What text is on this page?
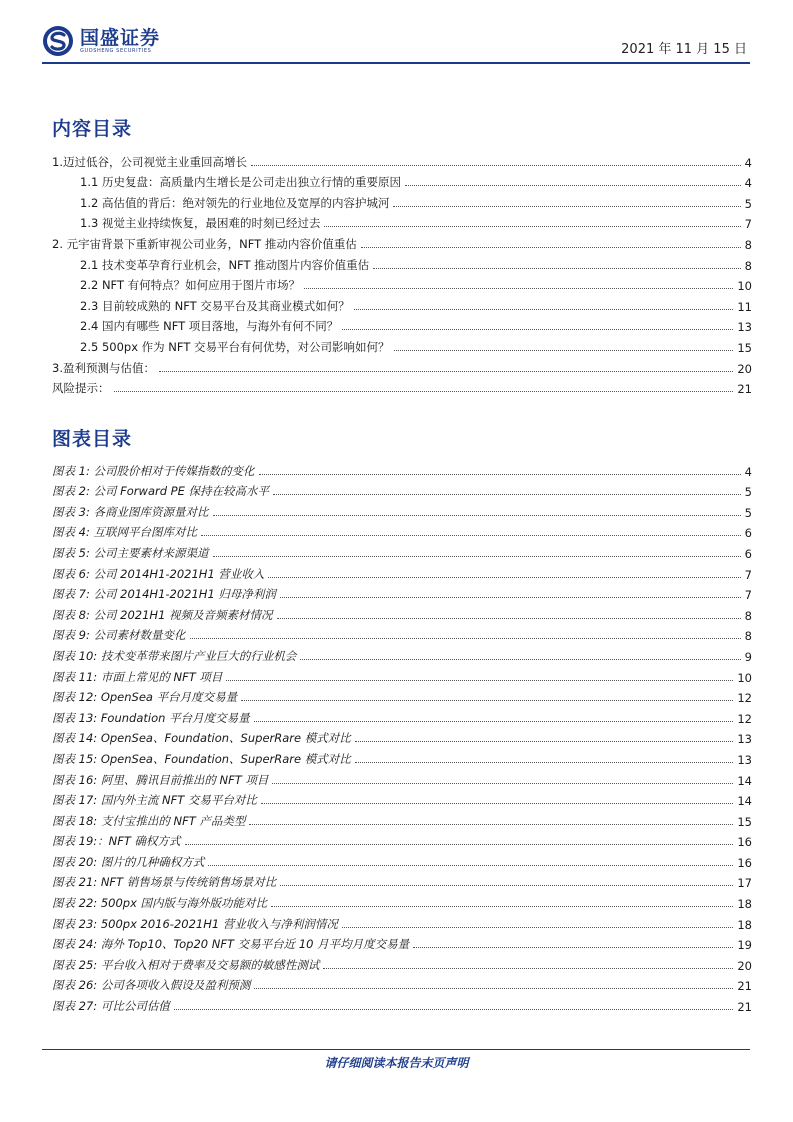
国盛证券
GUOSHENG SECURITIES	2021 年 11 月 15 日
内容目录
1.迈过低谷，公司视觉主业重回高增长	4
1.1 历史复盘：高质量内生增长是公司走出独立行情的重要原因	4
1.2 高估值的背后：绝对领先的行业地位及宽厚的内容护城河	5
1.3 视觉主业持续恢复，最困难的时刻已经过去	7
2. 元宇宙背景下重新审视公司业务，NFT 推动内容价值重估	8
2.1 技术变革孕育行业机会，NFT 推动图片内容价值重估	8
2.2 NFT 有何特点？如何应用于图片市场？	10
2.3 目前较成熟的 NFT 交易平台及其商业模式如何？	11
2.4 国内有哪些 NFT 项目落地，与海外有何不同？	13
2.5 500px 作为 NFT 交易平台有何优势，对公司影响如何？	15
3.盈利预测与估值：	20
风险提示：	21
图表目录
图表 1: 公司股价相对于传媒指数的变化	4
图表 2: 公司 Forward PE 保持在较高水平	5
图表 3: 各商业图库资源量对比	5
图表 4: 互联网平台图库对比	6
图表 5: 公司主要素材来源渠道	6
图表 6: 公司 2014H1-2021H1 营业收入	7
图表 7: 公司 2014H1-2021H1 归母净利润	7
图表 8: 公司 2021H1 视频及音频素材情况	8
图表 9: 公司素材数量变化	8
图表 10: 技术变革带来图片产业巨大的行业机会	9
图表 11: 市面上常见的 NFT 项目	10
图表 12: OpenSea 平台月度交易量	12
图表 13: Foundation 平台月度交易量	12
图表 14: OpenSea、Foundation、SuperRare 模式对比	13
图表 15: OpenSea、Foundation、SuperRare 模式对比	13
图表 16: 阿里、腾讯目前推出的 NFT 项目	14
图表 17: 国内外主流 NFT 交易平台对比	14
图表 18: 支付宝推出的 NFT 产品类型	15
图表 19:：NFT 确权方式	16
图表 20: 图片的几种确权方式	16
图表 21: NFT 销售场景与传统销售场景对比	17
图表 22: 500px 国内版与海外版功能对比	18
图表 23: 500px 2016-2021H1 营业收入与净利润情况	18
图表 24: 海外 Top10、Top20 NFT 交易平台近 10 月平均月度交易量	19
图表 25: 平台收入相对于费率及交易额的敏感性测试	20
图表 26: 公司各项收入假设及盈利预测	21
图表 27: 可比公司估值	21
请仔细阅读本报告末页声明
